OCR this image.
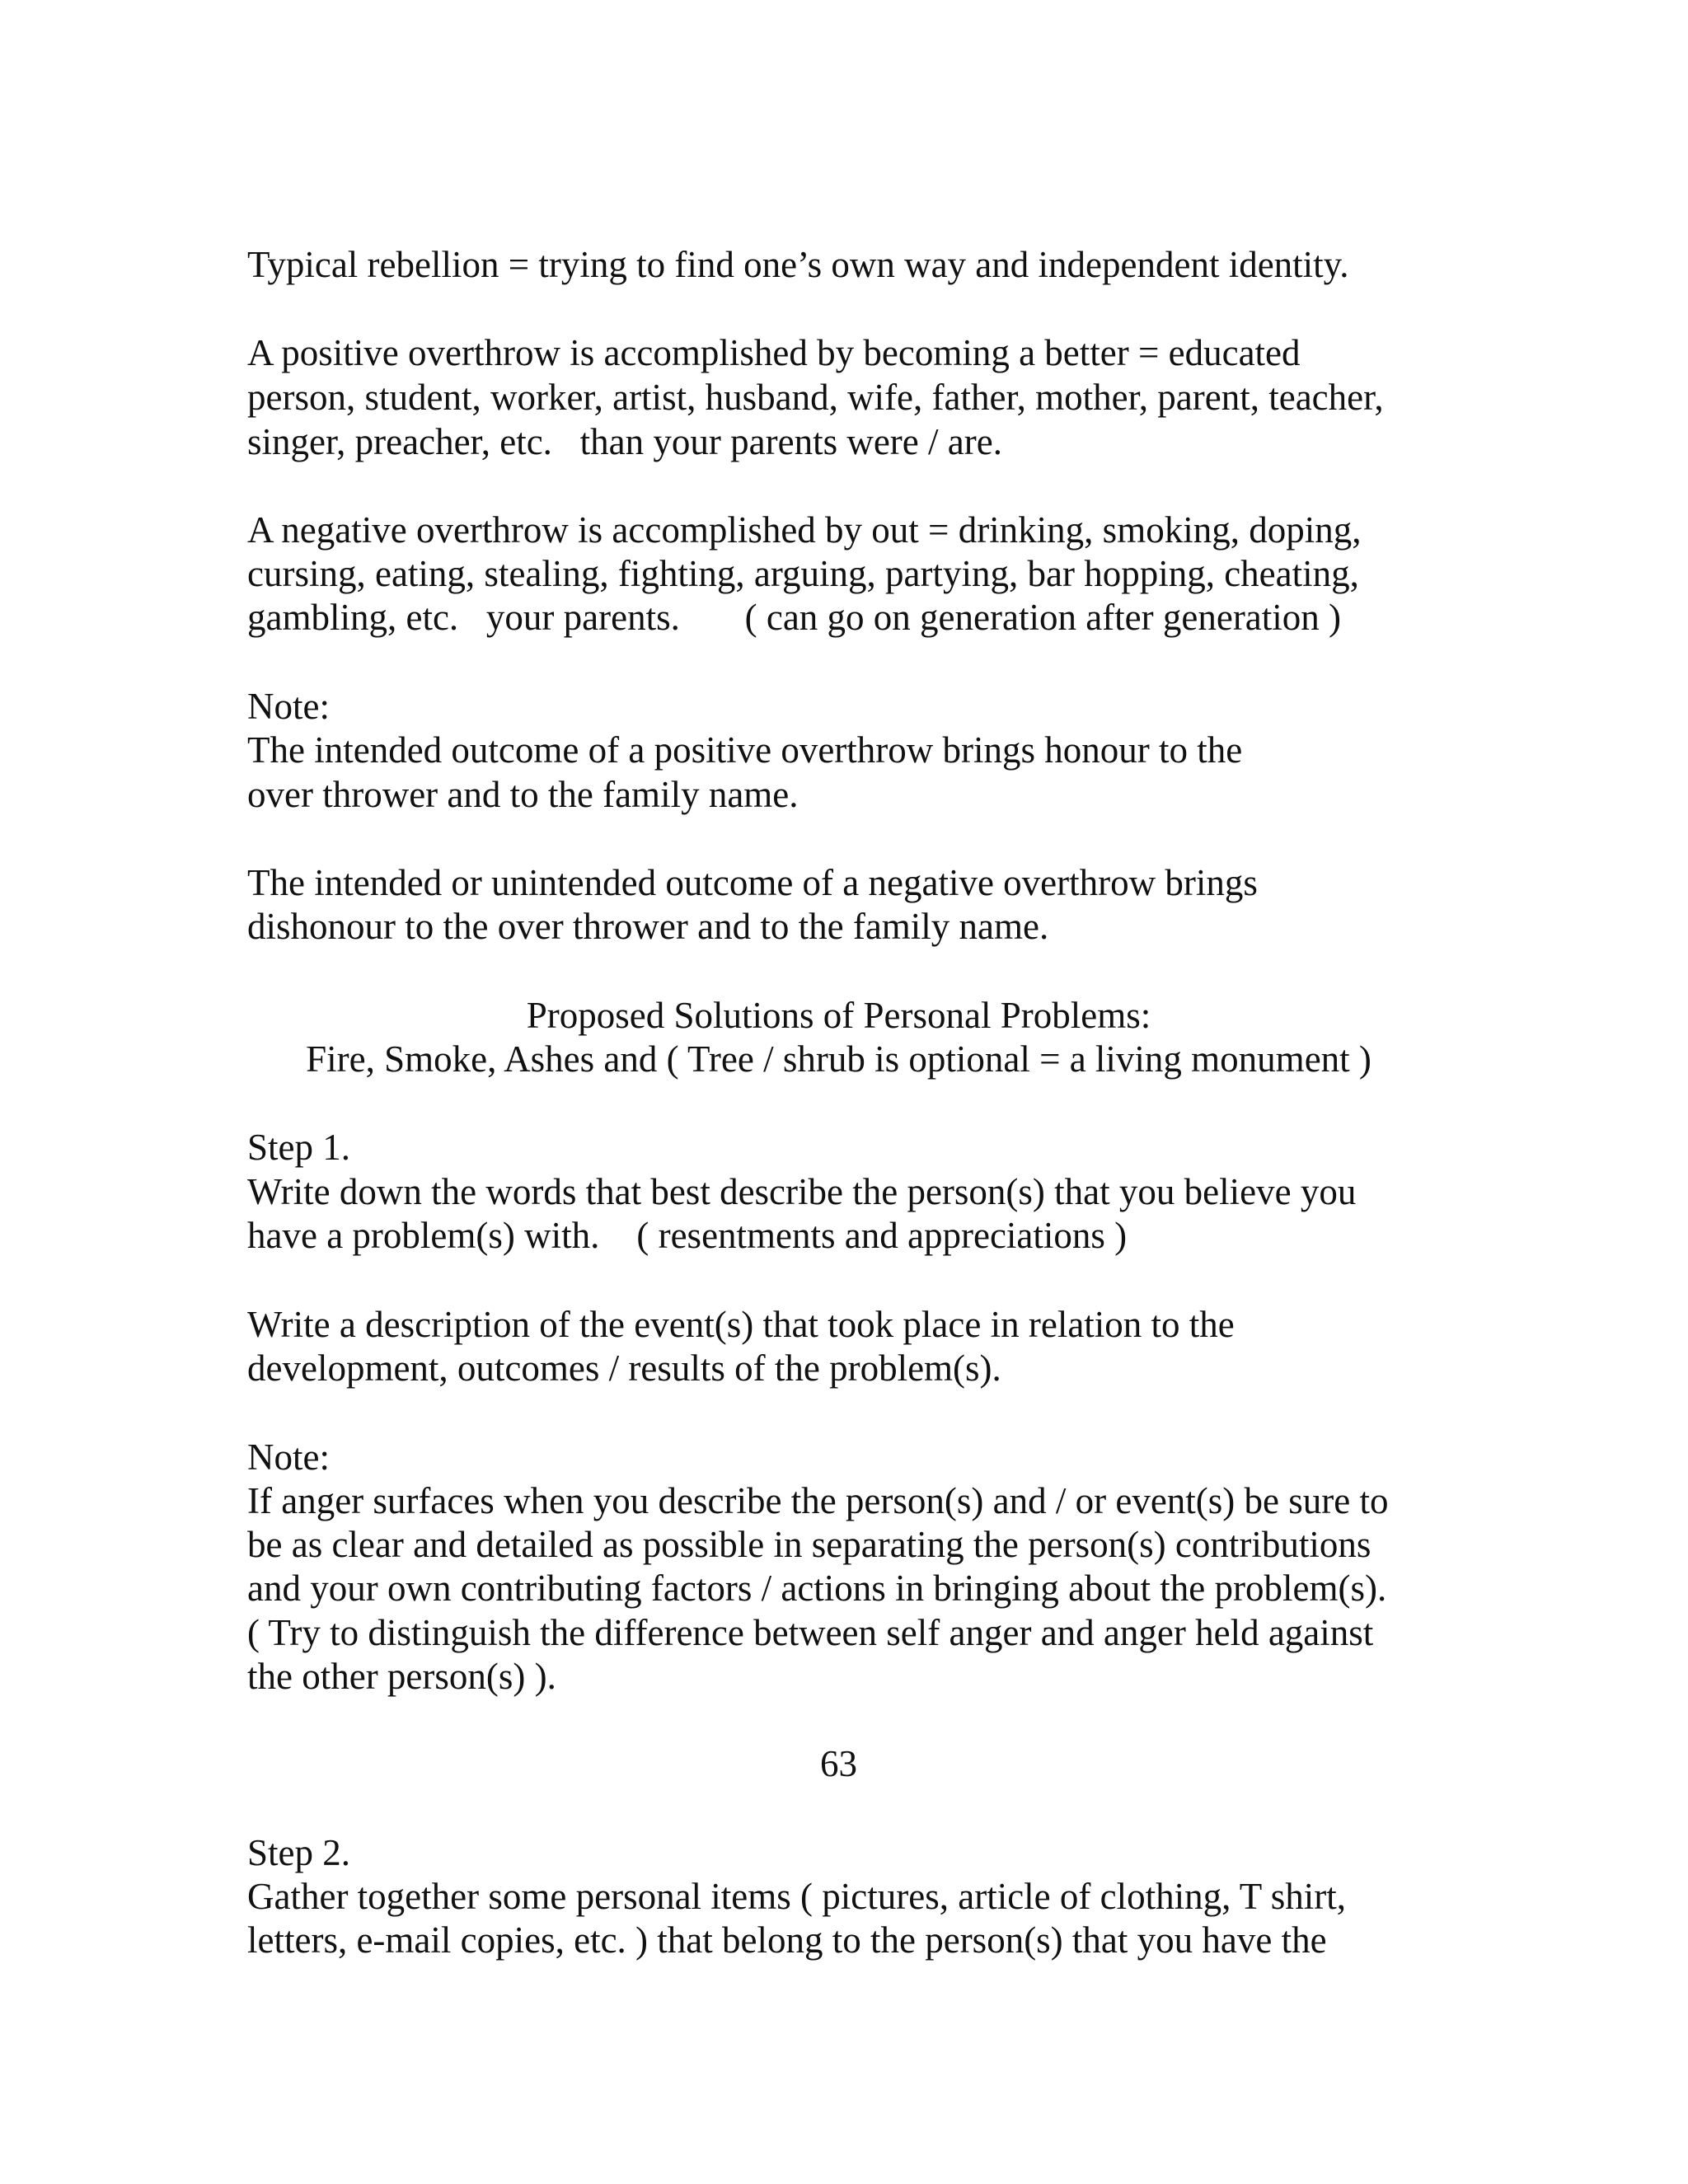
Typical rebellion = trying to find one’s own way and independent identity.

A positive overthrow is accomplished by becoming a better = educated

person, student, worker, artist, husband, wife, father, mother, parent, teacher,

singer, preacher, etc.   than your parents were / are.

A negative overthrow is accomplished by out = drinking, smoking, doping,

cursing, eating, stealing, fighting, arguing, partying, bar hopping, cheating,

gambling, etc.   your parents.       ( can go on generation after generation )

Note:

The intended outcome of a positive overthrow brings honour to the

over thrower and to the family name.

The intended or unintended outcome of a negative overthrow brings

dishonour to the over thrower and to the family name.

Proposed Solutions of Personal Problems:

Fire, Smoke, Ashes and ( Tree / shrub is optional = a living monument )

Step 1.

Write down the words that best describe the person(s) that you believe you

have a problem(s) with.    ( resentments and appreciations )

Write a description of the event(s) that took place in relation to the

development, outcomes / results of the problem(s).

Note:

If anger surfaces when you describe the person(s) and / or event(s) be sure to

be as clear and detailed as possible in separating the person(s) contributions

and your own contributing factors / actions in bringing about the problem(s).

( Try to distinguish the difference between self anger and anger held against

the other person(s) ).

63

Step 2.

Gather together some personal items ( pictures, article of clothing, T shirt,

letters, e-mail copies, etc. ) that belong to the person(s) that you have the
